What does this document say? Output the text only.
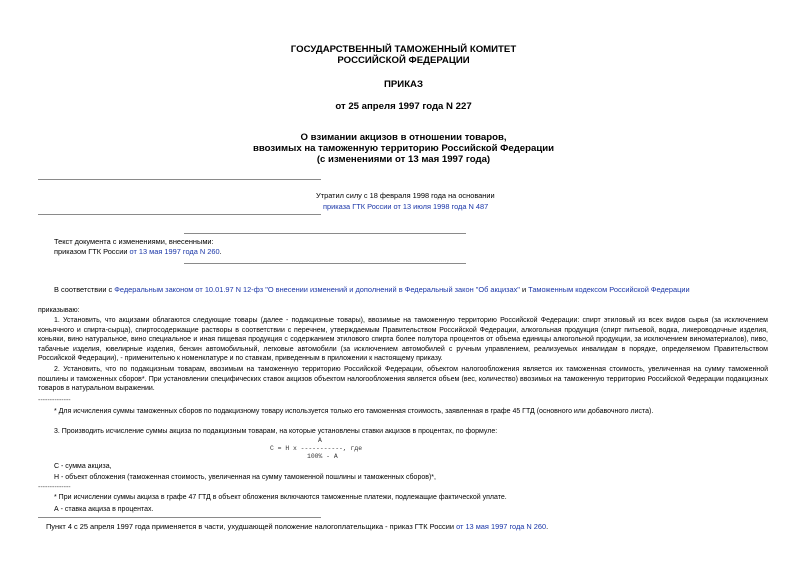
ГОСУДАРСТВЕННЫЙ ТАМОЖЕННЫЙ КОМИТЕТ
РОССИЙСКОЙ ФЕДЕРАЦИИ
ПРИКАЗ
от 25 апреля 1997 года N 227
О взимании акцизов в отношении товаров,
ввозимых на таможенную территорию Российской Федерации
(с изменениями от 13 мая 1997 года)
Утратил силу с 18 февраля 1998 года на основании
приказа ГТК России от 13 июля 1998 года N 487
Текст документа с изменениями, внесенными:
приказом ГТК России от 13 мая 1997 года N 260.
В соответствии с Федеральным законом от 10.01.97 N 12-фз "О внесении изменений и дополнений в Федеральный закон "Об акцизах" и Таможенным кодексом Российской Федерации
приказываю:
1. Установить, что акцизами облагаются следующие товары (далее - подакцизные товары), ввозимые на таможенную территорию Российской Федерации: спирт этиловый из всех видов сырья (за исключением коньячного и спирта-сырца), спиртосодержащие растворы в соответствии с перечнем, утверждаемым Правительством Российской Федерации, алкогольная продукция (спирт питьевой, водка, ликероводочные изделия, коньяки, вино натуральное, вино специальное и иная пищевая продукция с содержанием этилового спирта более полутора процентов от объема единицы алкогольной продукции, за исключением виноматериалов), пиво, табачные изделия, ювелирные изделия, бензин автомобильный, легковые автомобили (за исключением автомобилей с ручным управлением, реализуемых инвалидам в порядке, определяемом Правительством Российской Федерации), - применительно к номенклатуре и по ставкам, приведенным в приложении к настоящему приказу.
2. Установить, что по подакцизным товарам, ввозимым на таможенную территорию Российской Федерации, объектом налогообложения является их таможенная стоимость, увеличенная на сумму таможенной пошлины и таможенных сборов*. При установлении специфических ставок акцизов объектом налогообложения является объем (вес, количество) ввозимых на таможенную территорию Российской Федерации подакцизных товаров в натуральном выражении.
--------------
* Для исчисления суммы таможенных сборов по подакцизному товару используется только его таможенная стоимость, заявленная в графе 45 ГТД (основного или добавочного листа).
3. Производить исчисление суммы акциза по подакцизным товарам, на которые установлены ставки акцизов в процентах, по формуле:
А
С = Н х -----------, где
100% - А
С - сумма акциза,
Н - объект обложения (таможенная стоимость, увеличенная на сумму таможенной пошлины и таможенных сборов)*,
--------------
* При исчислении суммы акциза в графе 47 ГТД в объект обложения включаются таможенные платежи, подлежащие фактической уплате.
А - ставка акциза в процентах.
Пункт 4 с 25 апреля 1997 года применяется в части, ухудшающей положение налогоплательщика - приказ ГТК России от 13 мая 1997 года N 260.
